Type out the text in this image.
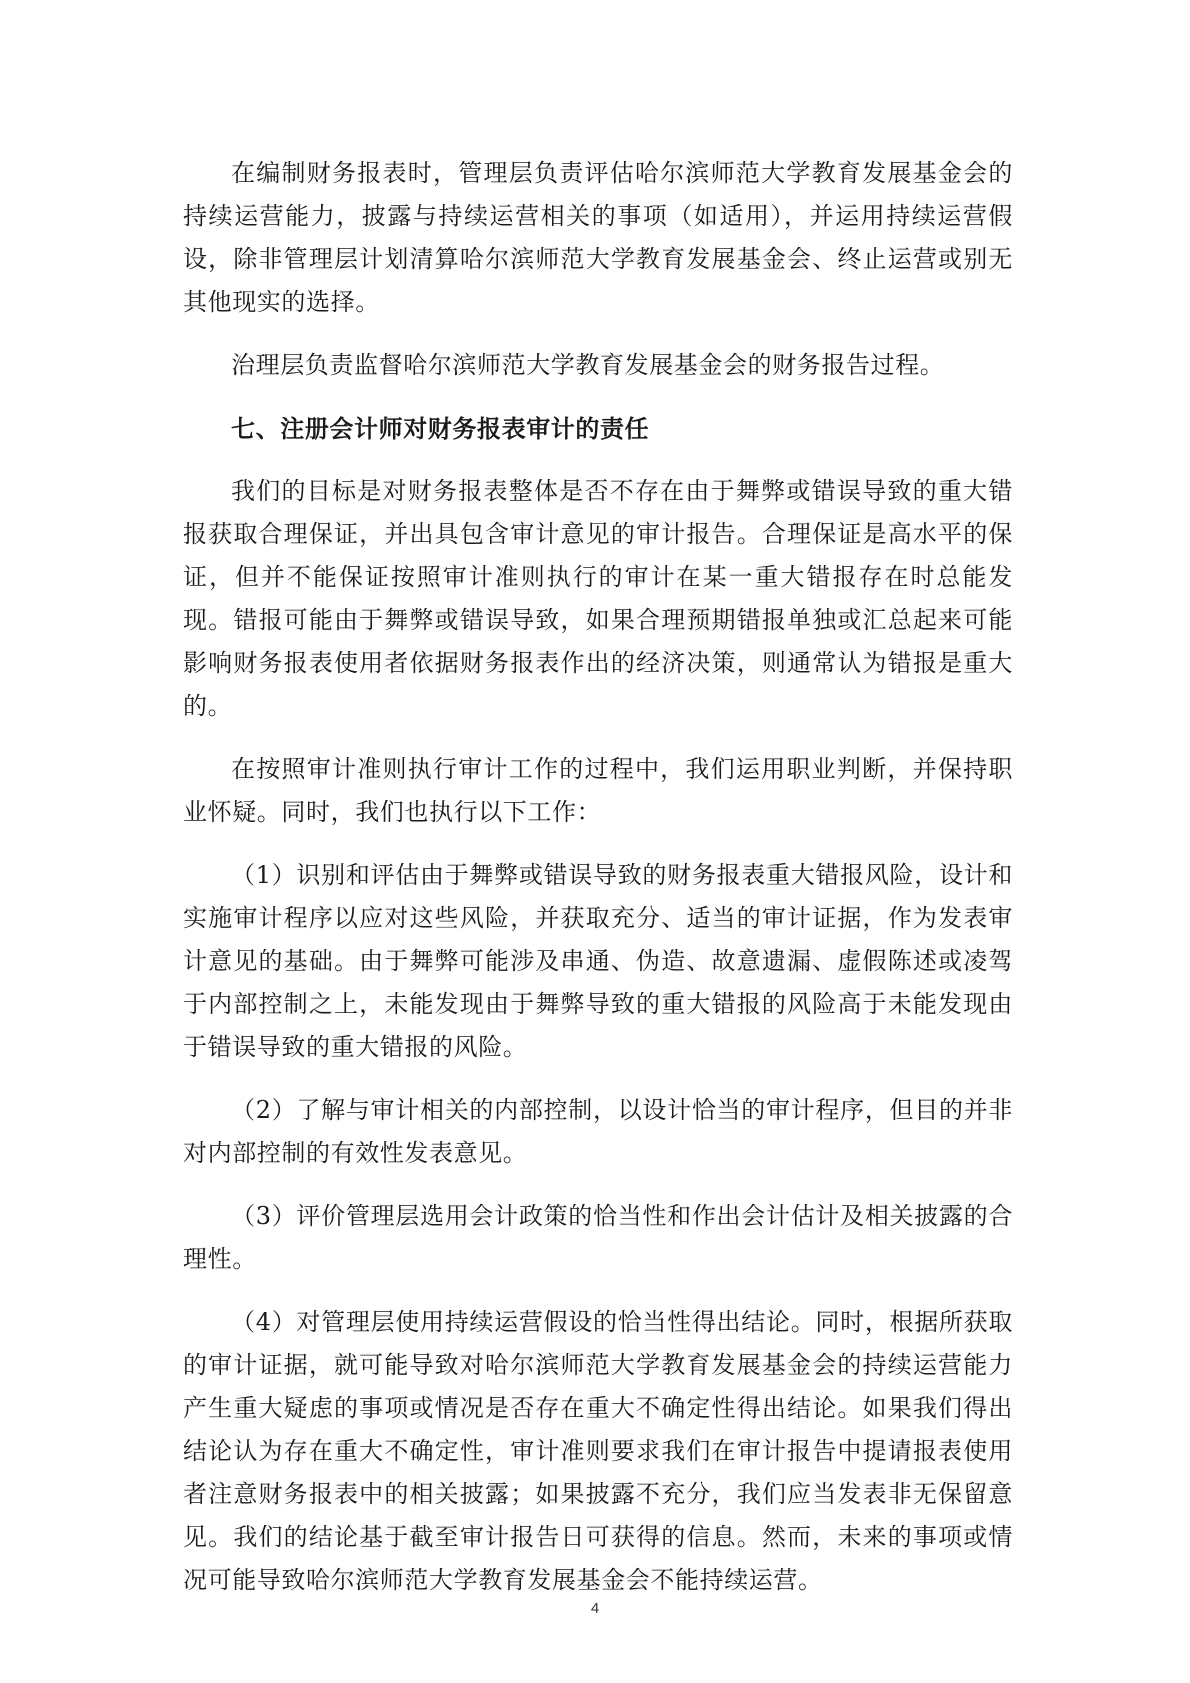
在编制财务报表时，管理层负责评估哈尔滨师范大学教育发展基金会的持续运营能力，披露与持续运营相关的事项（如适用），并运用持续运营假设，除非管理层计划清算哈尔滨师范大学教育发展基金会、终止运营或别无其他现实的选择。

治理层负责监督哈尔滨师范大学教育发展基金会的财务报告过程。

七、注册会计师对财务报表审计的责任

我们的目标是对财务报表整体是否不存在由于舞弊或错误导致的重大错报获取合理保证，并出具包含审计意见的审计报告。合理保证是高水平的保证，但并不能保证按照审计准则执行的审计在某一重大错报存在时总能发现。错报可能由于舞弊或错误导致，如果合理预期错报单独或汇总起来可能影响财务报表使用者依据财务报表作出的经济决策，则通常认为错报是重大的。

在按照审计准则执行审计工作的过程中，我们运用职业判断，并保持职业怀疑。同时，我们也执行以下工作：

（1）识别和评估由于舞弊或错误导致的财务报表重大错报风险，设计和实施审计程序以应对这些风险，并获取充分、适当的审计证据，作为发表审计意见的基础。由于舞弊可能涉及串通、伪造、故意遗漏、虚假陈述或凌驾于内部控制之上，未能发现由于舞弊导致的重大错报的风险高于未能发现由于错误导致的重大错报的风险。

（2）了解与审计相关的内部控制，以设计恰当的审计程序，但目的并非对内部控制的有效性发表意见。

（3）评价管理层选用会计政策的恰当性和作出会计估计及相关披露的合理性。

（4）对管理层使用持续运营假设的恰当性得出结论。同时，根据所获取的审计证据，就可能导致对哈尔滨师范大学教育发展基金会的持续运营能力产生重大疑虑的事项或情况是否存在重大不确定性得出结论。如果我们得出结论认为存在重大不确定性，审计准则要求我们在审计报告中提请报表使用者注意财务报表中的相关披露；如果披露不充分，我们应当发表非无保留意见。我们的结论基于截至审计报告日可获得的信息。然而，未来的事项或情况可能导致哈尔滨师范大学教育发展基金会不能持续运营。

4
